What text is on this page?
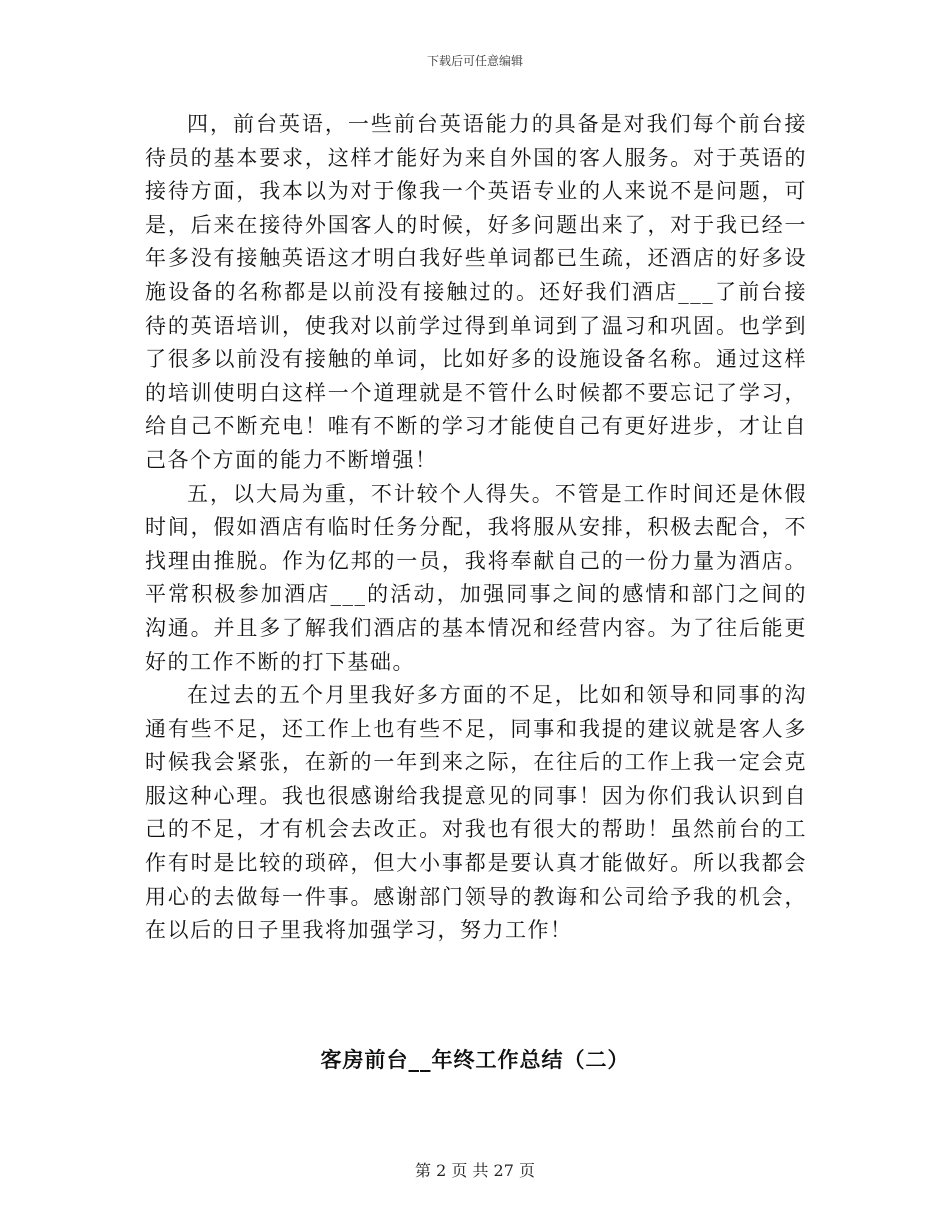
下载后可任意编辑

四，前台英语，一些前台英语能力的具备是对我们每个前台接待员的基本要求，这样才能好为来自外国的客人服务。对于英语的接待方面，我本以为对于像我一个英语专业的人来说不是问题，可是，后来在接待外国客人的时候，好多问题出来了，对于我已经一年多没有接触英语这才明白我好些单词都已生疏，还酒店的好多设施设备的名称都是以前没有接触过的。还好我们酒店___了前台接待的英语培训，使我对以前学过得到单词到了温习和巩固。也学到了很多以前没有接触的单词，比如好多的设施设备名称。通过这样的培训使明白这样一个道理就是不管什么时候都不要忘记了学习，给自己不断充电！唯有不断的学习才能使自己有更好进步，才让自己各个方面的能力不断增强！

五，以大局为重，不计较个人得失。不管是工作时间还是休假时间，假如酒店有临时任务分配，我将服从安排，积极去配合，不找理由推脱。作为亿邦的一员，我将奉献自己的一份力量为酒店。平常积极参加酒店___的活动，加强同事之间的感情和部门之间的沟通。并且多了解我们酒店的基本情况和经营内容。为了往后能更好的工作不断的打下基础。

在过去的五个月里我好多方面的不足，比如和领导和同事的沟通有些不足，还工作上也有些不足，同事和我提的建议就是客人多时候我会紧张，在新的一年到来之际，在往后的工作上我一定会克服这种心理。我也很感谢给我提意见的同事！因为你们我认识到自己的不足，才有机会去改正。对我也有很大的帮助！虽然前台的工作有时是比较的琐碎，但大小事都是要认真才能做好。所以我都会用心的去做每一件事。感谢部门领导的教诲和公司给予我的机会，在以后的日子里我将加强学习，努力工作！

客房前台__年终工作总结（二）
第 2 页 共 27 页
